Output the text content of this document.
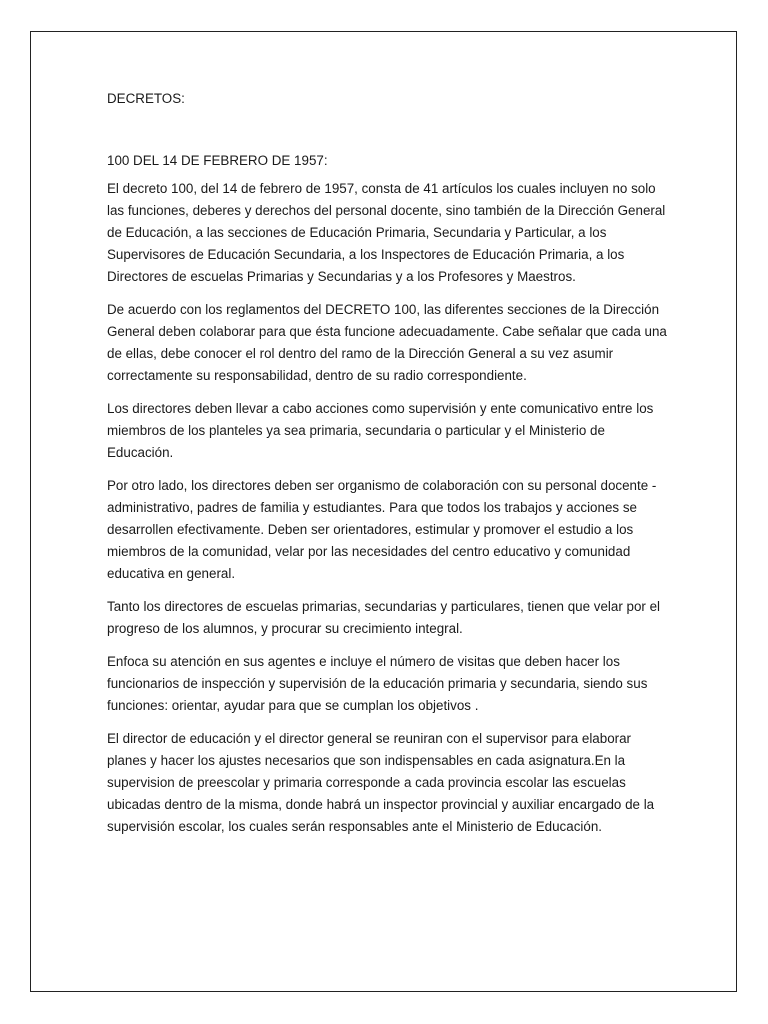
DECRETOS:
100 DEL 14 DE FEBRERO DE 1957:

El decreto 100, del 14 de febrero de 1957, consta de 41 artículos los cuales incluyen no solo las funciones, deberes y derechos del personal docente, sino también de la Dirección General de Educación, a las secciones de Educación Primaria, Secundaria y Particular, a los Supervisores de Educación Secundaria, a los Inspectores de Educación Primaria, a los Directores de escuelas Primarias y Secundarias y a los Profesores y Maestros.

De acuerdo con los reglamentos del DECRETO 100, las diferentes secciones de la Dirección General deben colaborar para que ésta funcione adecuadamente. Cabe señalar que cada una de ellas, debe conocer el rol dentro del ramo de la Dirección General a su vez asumir correctamente su responsabilidad, dentro de su radio correspondiente.

Los directores deben llevar a cabo acciones como supervisión y ente comunicativo entre los miembros de los planteles ya sea primaria, secundaria o particular y el Ministerio de Educación.

Por otro lado, los directores deben ser organismo de colaboración con su personal docente -administrativo, padres de familia y estudiantes. Para que todos los trabajos y acciones se desarrollen efectivamente. Deben ser orientadores, estimular y promover el estudio a los miembros de la comunidad, velar por las necesidades del centro educativo y comunidad educativa en general.

Tanto los directores de escuelas primarias, secundarias y particulares, tienen que velar por el progreso de los alumnos, y procurar su crecimiento integral.

Enfoca su atención en sus agentes e incluye el número de visitas que deben hacer los funcionarios de inspección y supervisión de la educación primaria y secundaria, siendo sus funciones: orientar, ayudar para que se cumplan los objetivos .

El director de educación y el director general se reuniran con el supervisor para elaborar planes y hacer los ajustes necesarios que son indispensables en cada asignatura.En la supervision de preescolar y primaria corresponde a cada provincia escolar las escuelas ubicadas dentro de la misma, donde habrá un inspector provincial y auxiliar encargado de la supervisión escolar, los cuales serán responsables ante el Ministerio de Educación.
